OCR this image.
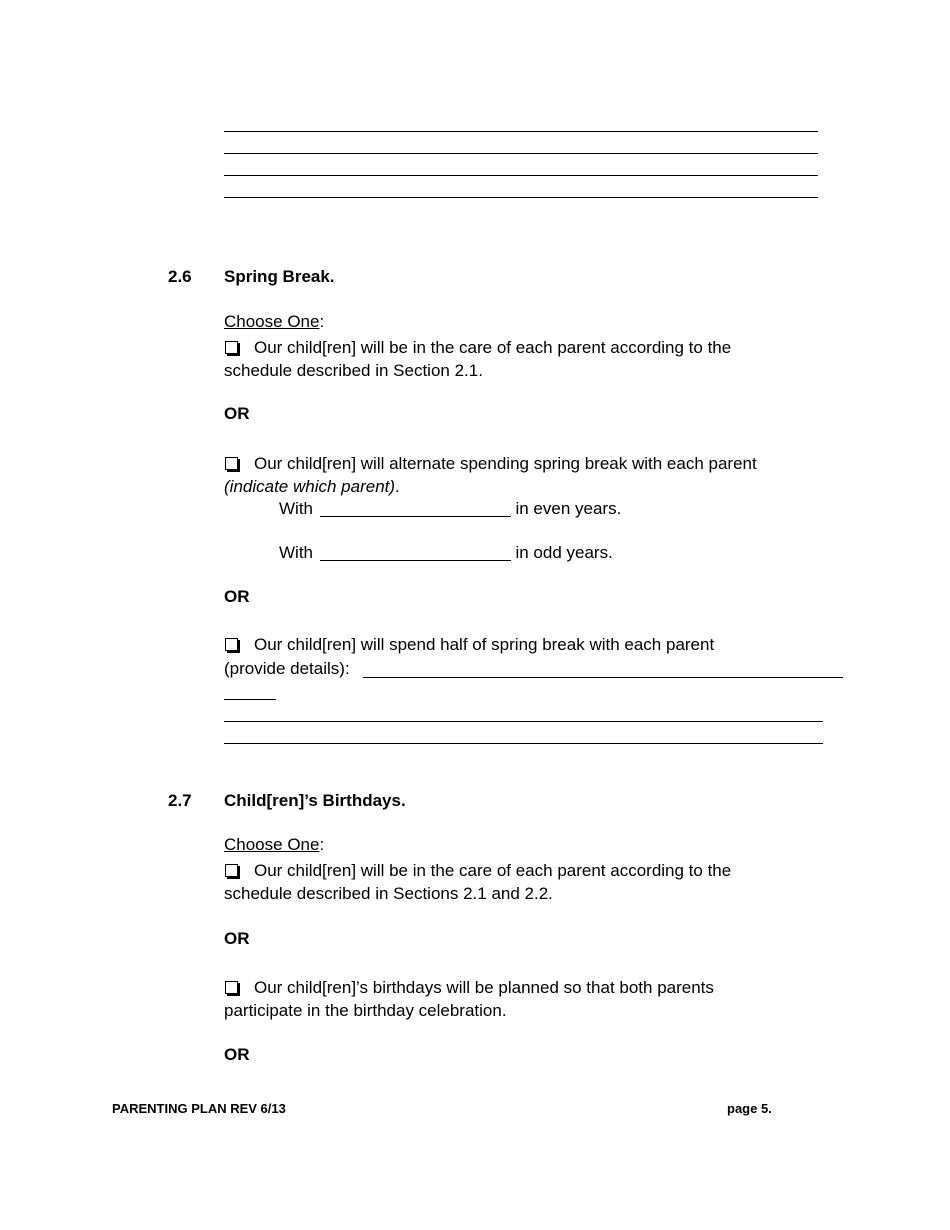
2.6 Spring Break.
Choose One:
Our child[ren] will be in the care of each parent according to the
schedule described in Section 2.1.
OR
Our child[ren] will alternate spending spring break with each parent
(indicate which parent).
With	in even years.
With	in odd years.
OR
Our child[ren] will spend half of spring break with each parent
(provide details):
2.7 Child[ren]’s Birthdays.
Choose One:
Our child[ren] will be in the care of each parent according to the
schedule described in Sections 2.1 and 2.2.
OR
Our child[ren]’s birthdays will be planned so that both parents
participate in the birthday celebration.
OR
PARENTING PLAN REV 6/13	page 5.
